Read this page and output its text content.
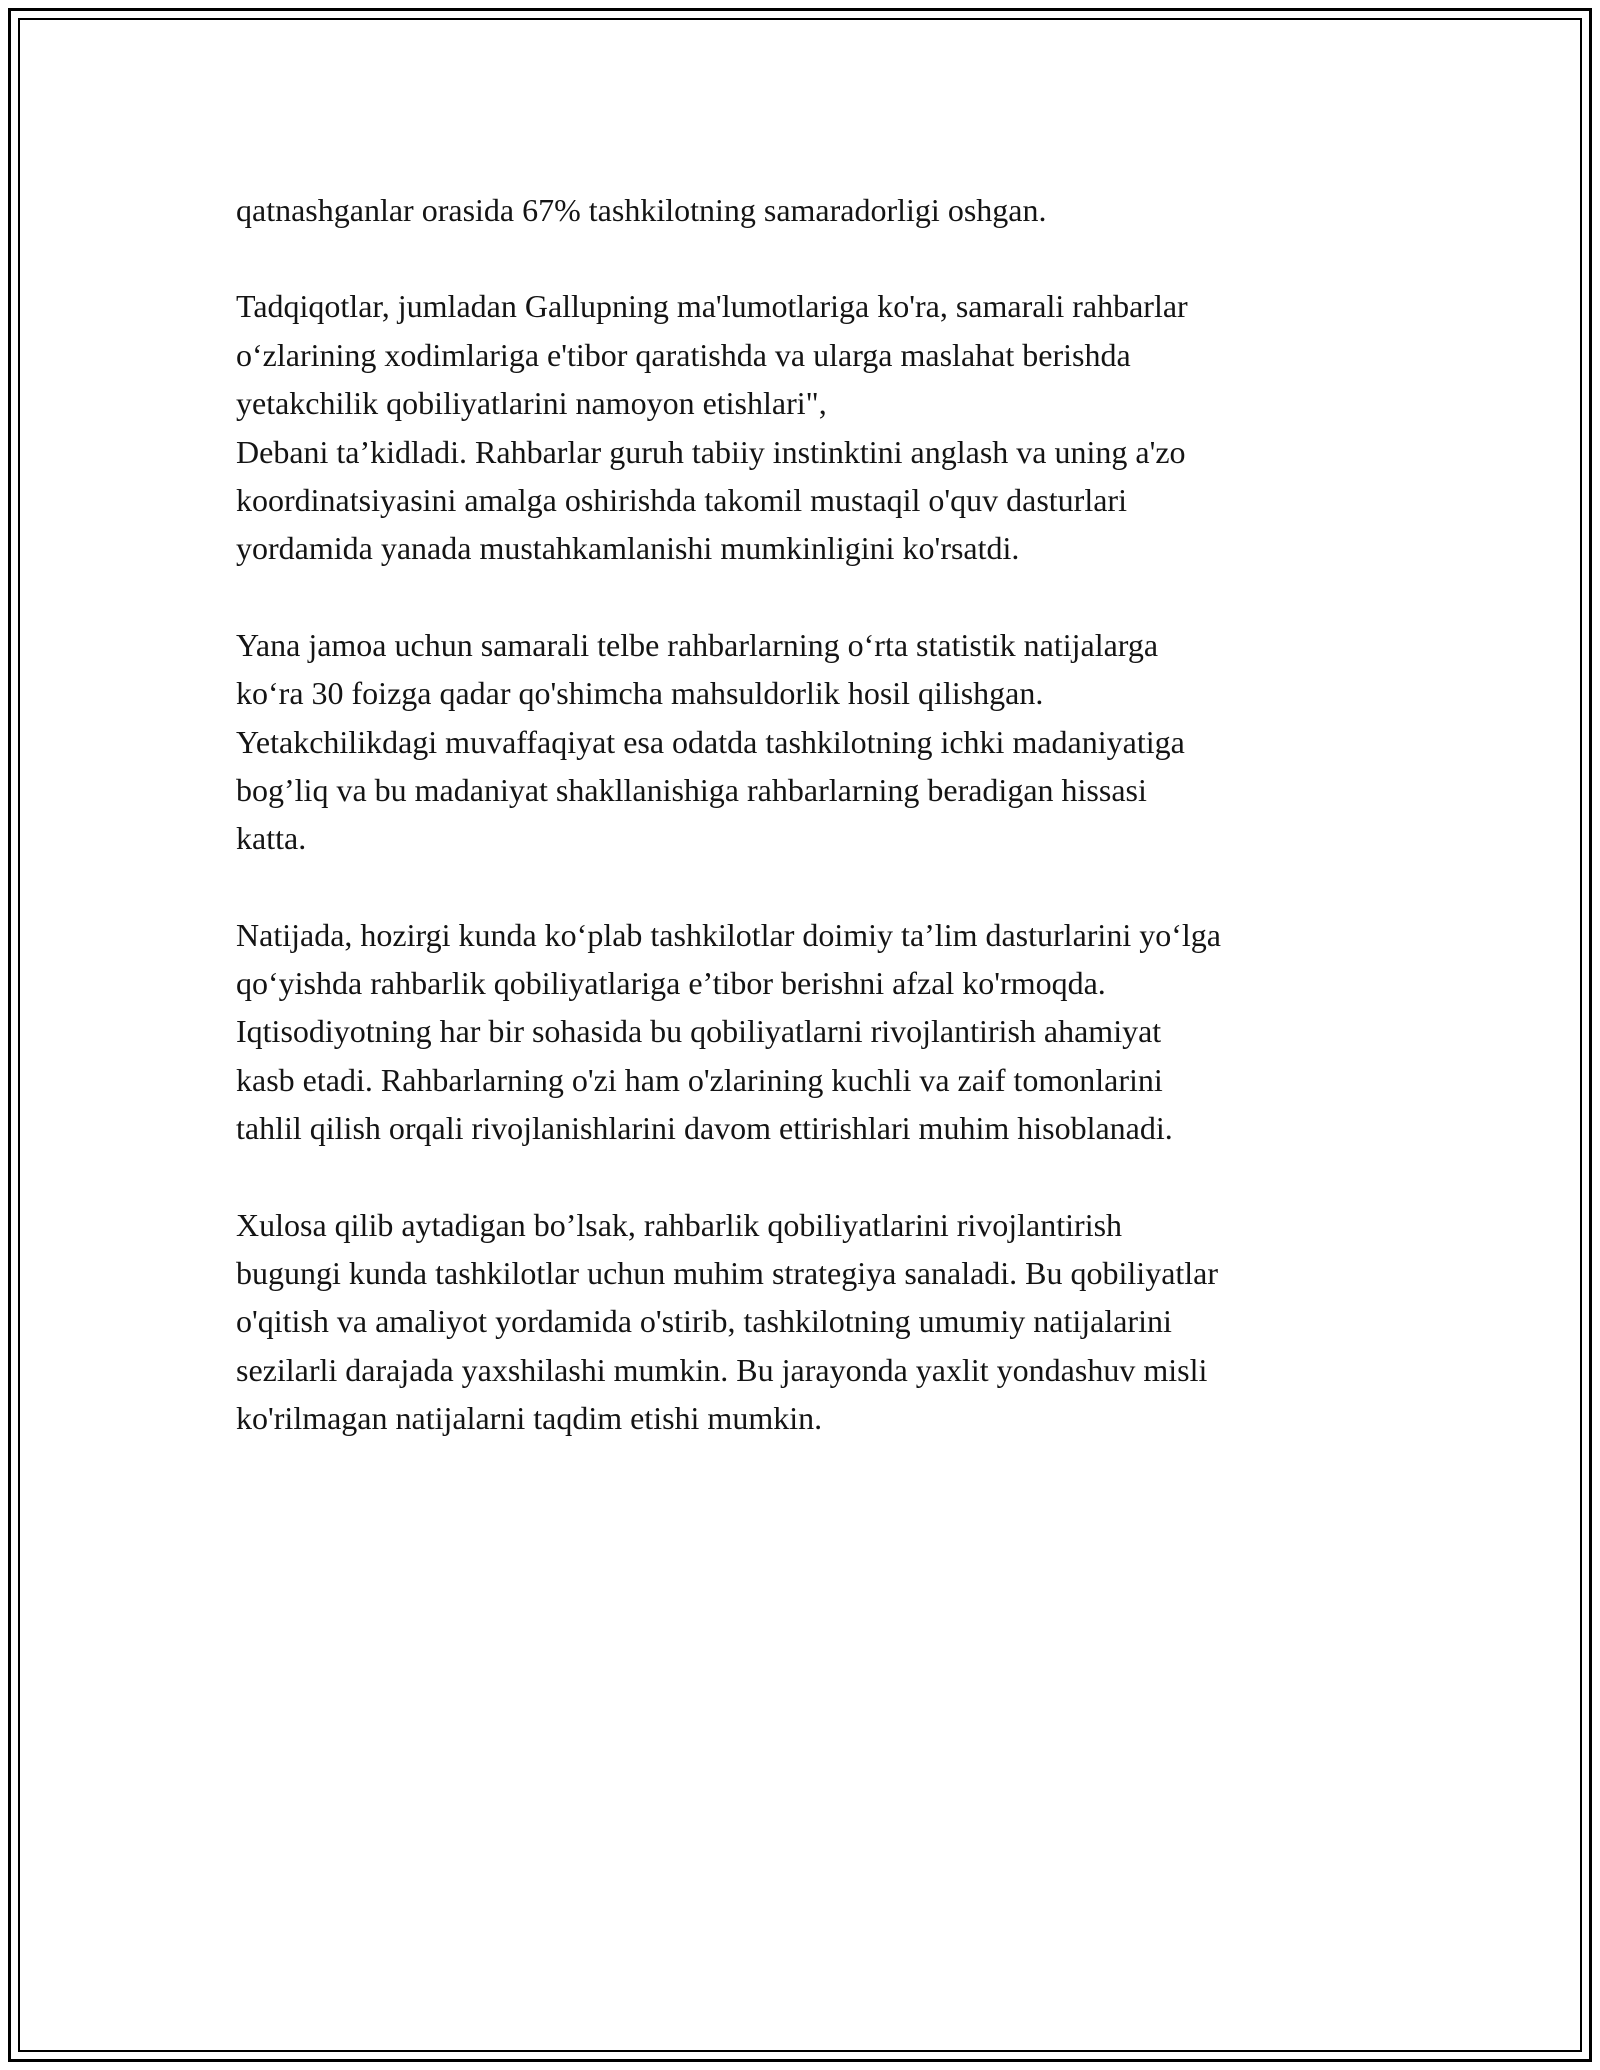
qatnashganlar orasida 67% tashkilotning samaradorligi oshgan.

Tadqiqotlar, jumladan Gallupning ma'lumotlariga ko'ra, samarali rahbarlar
o‘zlarining xodimlariga e'tibor qaratishda va ularga maslahat berishda
yetakchilik qobiliyatlarini namoyon etishlari",
Debani ta’kidladi. Rahbarlar guruh tabiiy instinktini anglash va uning a'zo
koordinatsiyasini amalga oshirishda takomil mustaqil o'quv dasturlari
yordamida yanada mustahkamlanishi mumkinligini ko'rsatdi.

Yana jamoa uchun samarali telbe rahbarlarning o‘rta statistik natijalarga
ko‘ra 30 foizga qadar qo'shimcha mahsuldorlik hosil qilishgan.
Yetakchilikdagi muvaffaqiyat esa odatda tashkilotning ichki madaniyatiga
bog’liq va bu madaniyat shakllanishiga rahbarlarning beradigan hissasi
katta.

Natijada, hozirgi kunda ko‘plab tashkilotlar doimiy ta’lim dasturlarini yo‘lga
qo‘yishda rahbarlik qobiliyatlariga e’tibor berishni afzal ko'rmoqda.
Iqtisodiyotning har bir sohasida bu qobiliyatlarni rivojlantirish ahamiyat
kasb etadi. Rahbarlarning o'zi ham o'zlarining kuchli va zaif tomonlarini
tahlil qilish orqali rivojlanishlarini davom ettirishlari muhim hisoblanadi.

Xulosa qilib aytadigan bo’lsak, rahbarlik qobiliyatlarini rivojlantirish
bugungi kunda tashkilotlar uchun muhim strategiya sanaladi. Bu qobiliyatlar
o'qitish va amaliyot yordamida o'stirib, tashkilotning umumiy natijalarini
sezilarli darajada yaxshilashi mumkin. Bu jarayonda yaxlit yondashuv misli
ko'rilmagan natijalarni taqdim etishi mumkin.
